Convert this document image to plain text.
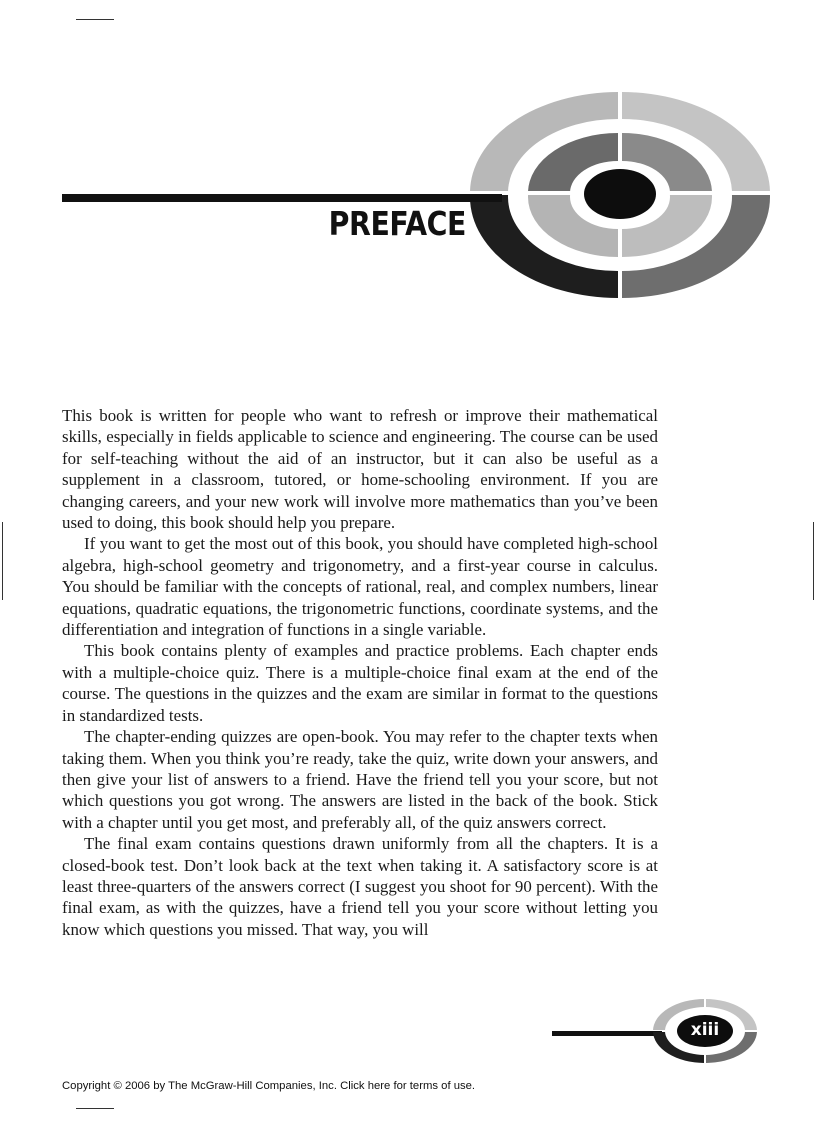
PREFACE

This book is written for people who want to refresh or improve their mathematical skills, especially in fields applicable to science and engineering. The course can be used for self-teaching without the aid of an instructor, but it can also be useful as a supplement in a classroom, tutored, or home-schooling environment. If you are changing careers, and your new work will involve more mathematics than you’ve been used to doing, this book should help you prepare.

If you want to get the most out of this book, you should have completed high-school algebra, high-school geometry and trigonometry, and a first-year course in calculus. You should be familiar with the concepts of rational, real, and complex numbers, linear equations, quadratic equations, the trigonometric functions, coordinate systems, and the differentiation and integration of functions in a single variable.

This book contains plenty of examples and practice problems. Each chapter ends with a multiple-choice quiz. There is a multiple-choice final exam at the end of the course. The questions in the quizzes and the exam are similar in format to the questions in standardized tests.

The chapter-ending quizzes are open-book. You may refer to the chapter texts when taking them. When you think you’re ready, take the quiz, write down your answers, and then give your list of answers to a friend. Have the friend tell you your score, but not which questions you got wrong. The answers are listed in the back of the book. Stick with a chapter until you get most, and preferably all, of the quiz answers correct.

The final exam contains questions drawn uniformly from all the chapters. It is a closed-book test. Don’t look back at the text when taking it. A satisfactory score is at least three-quarters of the answers correct (I suggest you shoot for 90 percent). With the final exam, as with the quizzes, have a friend tell you your score without letting you know which questions you missed. That way, you will

xiii
Copyright © 2006 by The McGraw-Hill Companies, Inc. Click here for terms of use.
